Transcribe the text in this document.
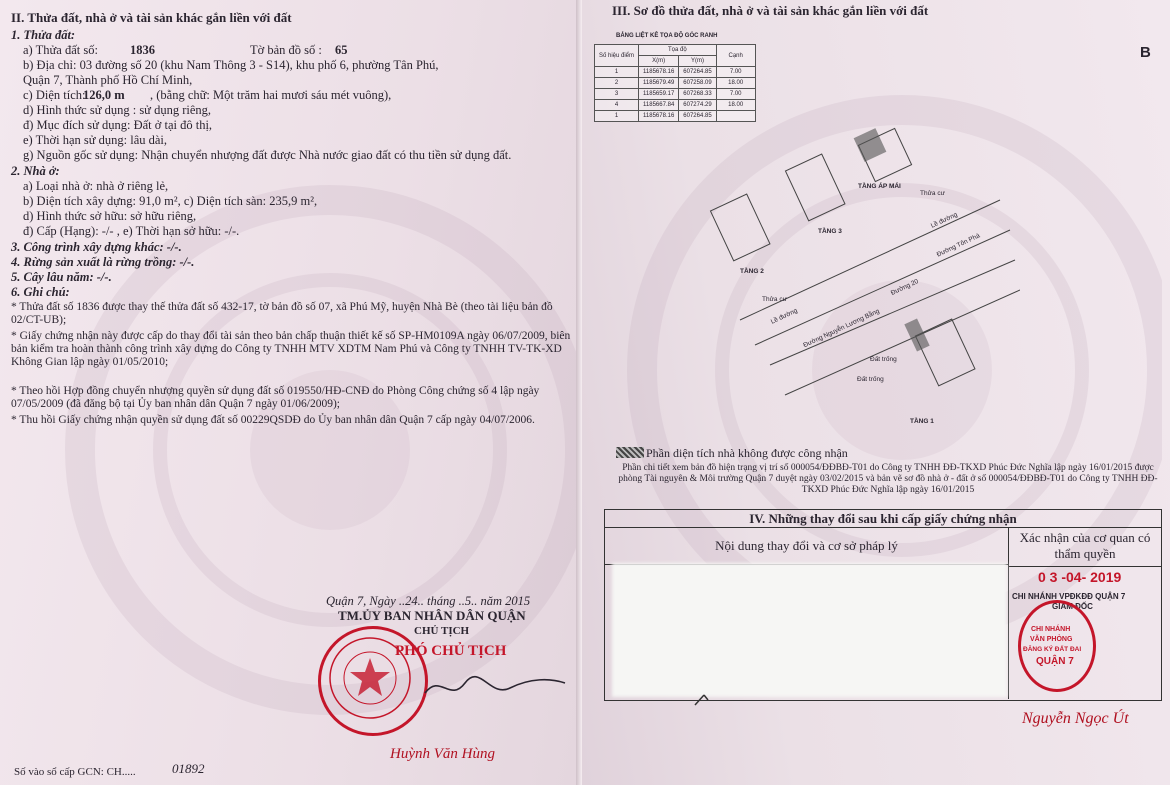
II. Thửa đất, nhà ở và tài sản khác gắn liền với đất
1. Thửa đất:
a) Thửa đất số:	1836	Tờ bản đồ số : 65
b) Địa chỉ: 03 đường số 20 (khu Nam Thông 3 - S14), khu phố 6, phường Tân Phú,
Quận 7, Thành phố Hồ Chí Minh,
c) Diện tích:
126,0 m , (bằng chữ: Một trăm hai mươi sáu mét vuông),
d) Hình thức sử dụng : sử dụng riêng,
đ) Mục đích sử dụng: Đất ở tại đô thị,
e) Thời hạn sử dụng: lâu dài,
g) Nguồn gốc sử dụng: Nhận chuyển nhượng đất được Nhà nước giao đất có thu tiền sử dụng đất.
2. Nhà ở:
a) Loại nhà ở: nhà ở riêng lẻ,
b) Diện tích xây dựng: 91,0 m², c) Diện tích sàn: 235,9 m²,
d) Hình thức sở hữu: sở hữu riêng,
đ) Cấp (Hạng): -/- , e) Thời hạn sở hữu: -/-.
3. Công trình xây dựng khác: -/-.
4. Rừng sản xuất là rừng trồng: -/-.
5. Cây lâu năm: -/-.
6. Ghi chú:
* Thửa đất số 1836 được thay thế thửa đất số 432-17, tờ bản đồ số 07, xã Phú Mỹ, huyện Nhà Bè (theo tài liệu bản đồ 02/CT-UB);
* Giấy chứng nhận này được cấp do thay đổi tài sản theo bản chấp thuận thiết kế số SP-HM0109A ngày 06/07/2009, biên bản kiểm tra hoàn thành công trình xây dựng do Công ty TNHH MTV XDTM Nam Phú và Công ty TNHH TV-TK-XD Không Gian lập ngày 01/05/2010;
* Theo hồi Hợp đồng chuyển nhượng quyền sử dụng đất số 019550/HĐ-CNĐ do Phòng Công chứng số 4 lập ngày 07/05/2009 (đã đăng bộ tại Ủy ban nhân dân Quận 7 ngày 01/06/2009);
* Thu hồi Giấy chứng nhận quyền sử dụng đất số 00229QSDĐ do Ủy ban nhân dân Quận 7 cấp ngày 04/07/2006.
Quận 7, Ngày ..24.. tháng ..5.. năm 2015
TM.ỦY BAN NHÂN DÂN QUẬN
CHỦ TỊCH
PHÓ CHỦ TỊCH
Huỳnh Văn Hùng
Số vào sổ cấp GCN: CH.....	01892
III. Sơ đồ thửa đất, nhà ở và tài sản khác gắn liền với đất
B
BẢNG LIỆT KÊ TỌA ĐỘ GÓC RANH
Số hiệu điểm	Tọa độ		Cạnh
	X(m)	Y(m)	
1	1185678.16	607264.85	7.00
2	1185679.49	607258.09	18.00
3	1185659.17	607268.33	7.00
4	1185667.84	607274.29	18.00
1	1185678.16	607264.85	
TẦNG ÁP MÁI
TẦNG 3
TẦNG 2
TẦNG 1
Đường 20
Đường Nguyễn Lương Bằng
Đường Tôn Phá
Lề đường
Lề đường
Thửa cư
Thửa cư
Đất trống
Đất trống
Phần diện tích nhà không được công nhận
Phần chi tiết xem bản đồ hiện trạng vị trí số 000054/ĐĐBĐ-T01 do Công ty TNHH ĐĐ-TKXD Phúc Đức Nghĩa lập ngày 16/01/2015 được phòng Tài nguyên & Môi trường Quận 7 duyệt ngày 03/02/2015 và bản vẽ sơ đồ nhà ở - đất ở số 000054/ĐĐBĐ-T01 do Công ty TNHH ĐĐ-TKXD Phúc Đức Nghĩa lập ngày 16/01/2015
IV. Những thay đổi sau khi cấp giấy chứng nhận
Nội dung thay đổi và cơ sở pháp lý
Xác nhận của cơ quan có thẩm quyền
0 3 -04- 2019
CHI NHÁNH VPĐKĐĐ QUẬN 7
GIÁM ĐỐC
CHI NHÁNH
VĂN PHÒNG
ĐĂNG KÝ ĐẤT ĐAI
QUẬN 7
Nguyễn Ngọc Út
